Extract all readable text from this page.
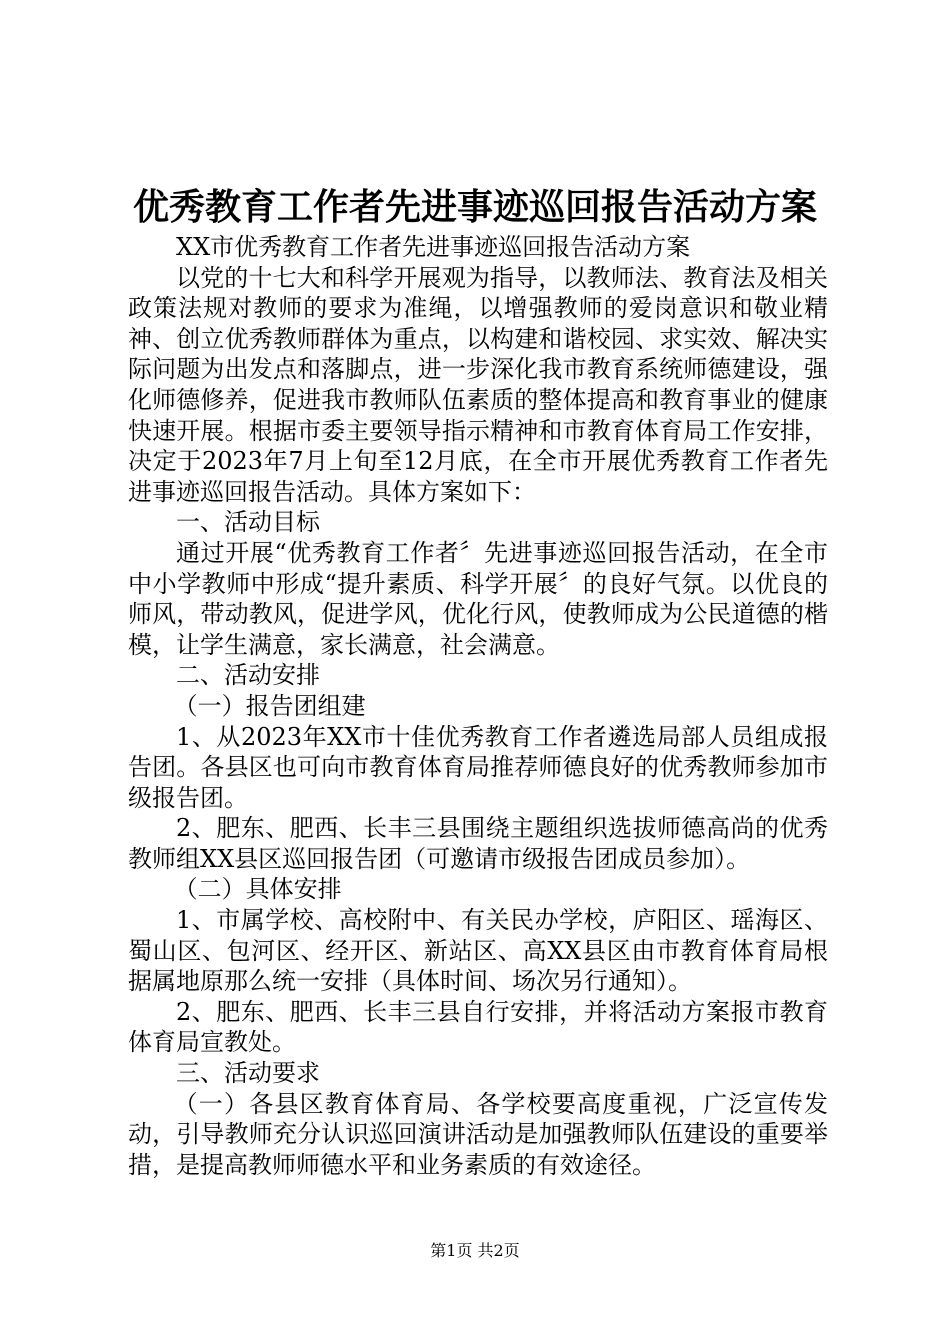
优秀教育工作者先进事迹巡回报告活动方案

XX市优秀教育工作者先进事迹巡回报告活动方案

以党的十七大和科学开展观为指导，以教师法、教育法及相关政策法规对教师的要求为准绳，以增强教师的爱岗意识和敬业精神、创立优秀教师群体为重点，以构建和谐校园、求实效、解决实际问题为出发点和落脚点，进一步深化我市教育系统师德建设，强化师德修养，促进我市教师队伍素质的整体提高和教育事业的健康快速开展。根据市委主要领导指示精神和市教育体育局工作安排，决定于2023年7月上旬至12月底，在全市开展优秀教育工作者先进事迹巡回报告活动。具体方案如下：

一、活动目标

通过开展“优秀教育工作者〞先进事迹巡回报告活动，在全市中小学教师中形成“提升素质、科学开展〞的良好气氛。以优良的师风，带动教风，促进学风，优化行风，使教师成为公民道德的楷模，让学生满意，家长满意，社会满意。

二、活动安排

（一）报告团组建

1、从2023年XX市十佳优秀教育工作者遴选局部人员组成报告团。各县区也可向市教育体育局推荐师德良好的优秀教师参加市级报告团。

2、肥东、肥西、长丰三县围绕主题组织选拔师德高尚的优秀教师组XX县区巡回报告团（可邀请市级报告团成员参加）。

（二）具体安排

1、市属学校、高校附中、有关民办学校，庐阳区、瑶海区、蜀山区、包河区、经开区、新站区、高XX县区由市教育体育局根据属地原那么统一安排（具体时间、场次另行通知）。

2、肥东、肥西、长丰三县自行安排，并将活动方案报市教育体育局宣教处。

三、活动要求

（一）各县区教育体育局、各学校要高度重视，广泛宣传发动，引导教师充分认识巡回演讲活动是加强教师队伍建设的重要举措，是提高教师师德水平和业务素质的有效途径。

第1页 共2页
